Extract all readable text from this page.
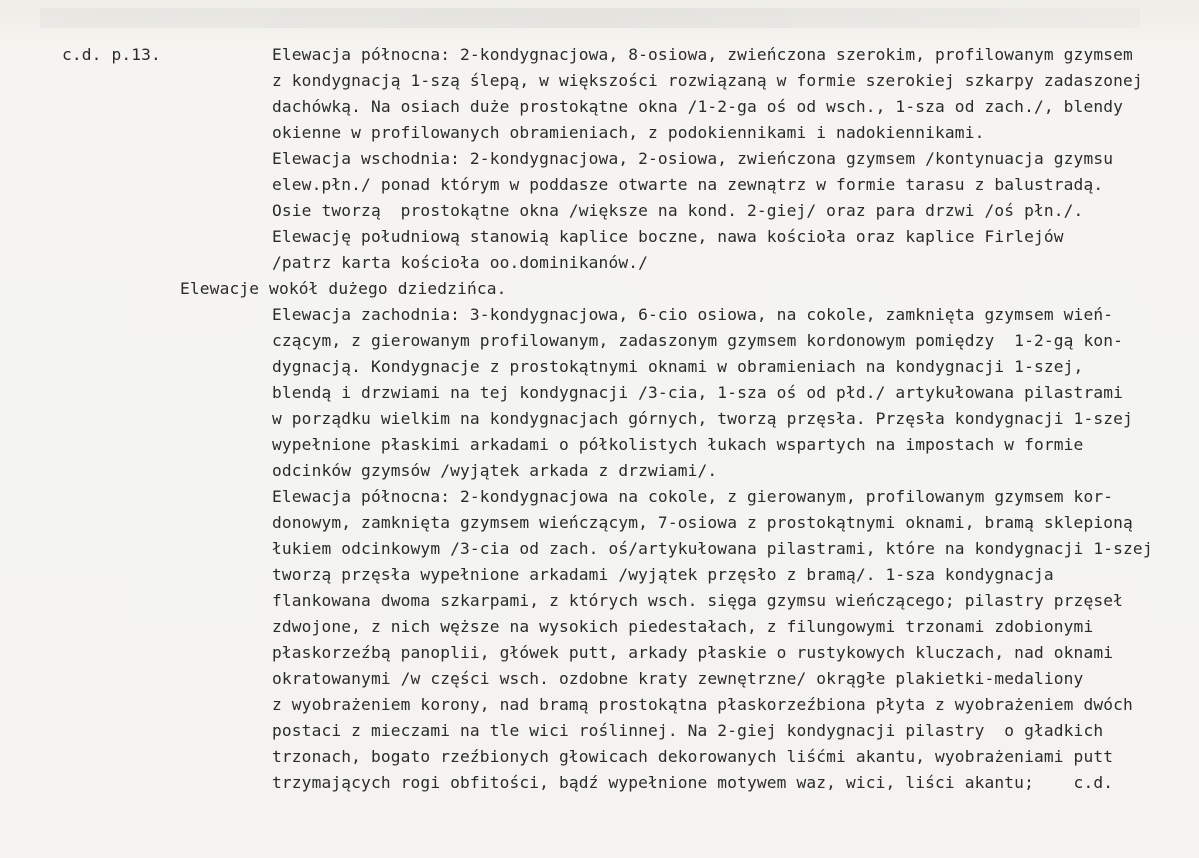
c.d. p.13.	Elewacja północna: 2-kondygnacjowa, 8-osiowa, zwieńczona szerokim, profilowanym gzymsem
z kondygnacją 1-szą ślepą, w większości rozwiązaną w formie szerokiej szkarpy zadaszonej
dachówką. Na osiach duże prostokątne okna /1-2-ga oś od wsch., 1-sza od zach./, blendy
okienne w profilowanych obramieniach, z podokiennikami i nadokiennikami.
Elewacja wschodnia: 2-kondygnacjowa, 2-osiowa, zwieńczona gzymsem /kontynuacja gzymsu
elew.płn./ ponad którym w poddasze otwarte na zewnątrz w formie tarasu z balustradą.
Osie tworzą  prostokątne okna /większe na kond. 2-giej/ oraz para drzwi /oś płn./.
Elewację południową stanowią kaplice boczne, nawa kościoła oraz kaplice Firlejów
/patrz karta kościoła oo.dominikanów./
Elewacje wokół dużego dziedzińca.
Elewacja zachodnia: 3-kondygnacjowa, 6-cio osiowa, na cokole, zamknięta gzymsem wień-
czącym, z gierowanym profilowanym, zadaszonym gzymsem kordonowym pomiędzy  1-2-gą kon-
dygnacją. Kondygnacje z prostokątnymi oknami w obramieniach na kondygnacji 1-szej,
blendą i drzwiami na tej kondygnacji /3-cia, 1-sza oś od płd./ artykułowana pilastrami
w porządku wielkim na kondygnacjach górnych, tworzą przęsła. Przęsła kondygnacji 1-szej
wypełnione płaskimi arkadami o półkolistych łukach wspartych na impostach w formie
odcinków gzymsów /wyjątek arkada z drzwiami/.
Elewacja północna: 2-kondygnacjowa na cokole, z gierowanym, profilowanym gzymsem kor-
donowym, zamknięta gzymsem wieńczącym, 7-osiowa z prostokątnymi oknami, bramą sklepioną
łukiem odcinkowym /3-cia od zach. oś/artykułowana pilastrami, które na kondygnacji 1-szej
tworzą przęsła wypełnione arkadami /wyjątek przęsło z bramą/. 1-sza kondygnacja
flankowana dwoma szkarpami, z których wsch. sięga gzymsu wieńczącego; pilastry przęseł
zdwojone, z nich węższe na wysokich piedestałach, z filungowymi trzonami zdobionymi
płaskorzeźbą panoplii, główek putt, arkady płaskie o rustykowych kluczach, nad oknami
okratowanymi /w części wsch. ozdobne kraty zewnętrzne/ okrągłe plakietki-medaliony
z wyobrażeniem korony, nad bramą prostokątna płaskorzeźbiona płyta z wyobrażeniem dwóch
postaci z mieczami na tle wici roślinnej. Na 2-giej kondygnacji pilastry  o gładkich
trzonach, bogato rzeźbionych głowicach dekorowanych liśćmi akantu, wyobrażeniami putt
trzymających rogi obfitości, bądź wypełnione motywem waz, wici, liści akantu;    c.d.
